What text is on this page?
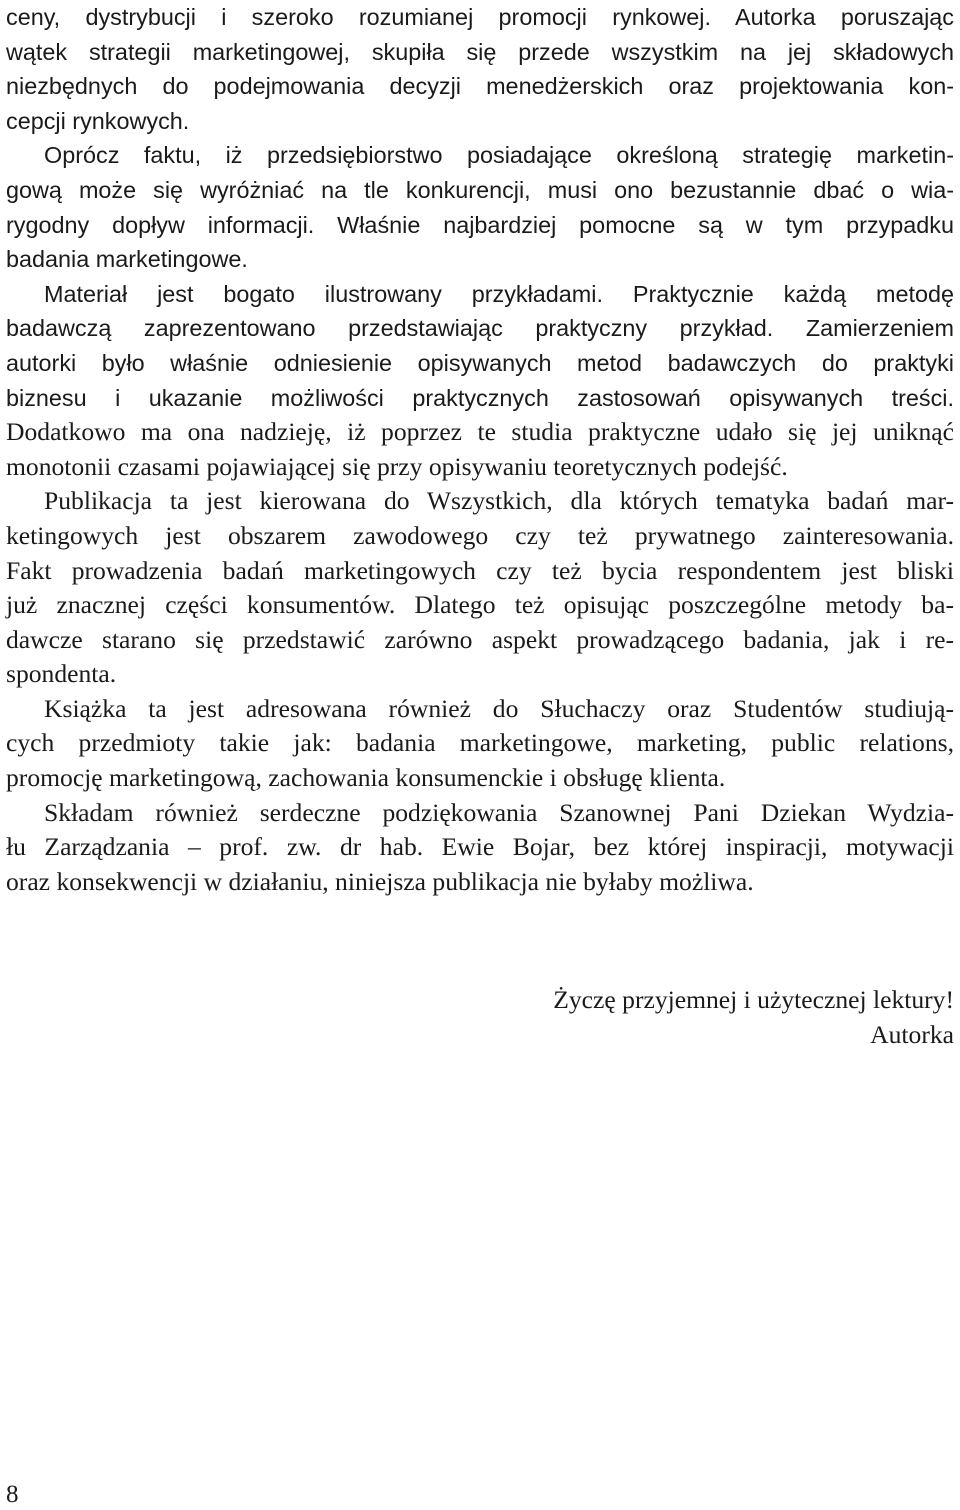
ceny, dystrybucji i szeroko rozumianej promocji rynkowej. Autorka poruszając
wątek strategii marketingowej, skupiła się przede wszystkim na jej składowych
niezbędnych do podejmowania decyzji menedżerskich oraz projektowania kon-
cepcji rynkowych.
Oprócz faktu, iż przedsiębiorstwo posiadające określoną strategię marketin-
gową może się wyróżniać na tle konkurencji, musi ono bezustannie dbać o wia-
rygodny dopływ informacji. Właśnie najbardziej pomocne są w tym przypadku
badania marketingowe.
Materiał jest bogato ilustrowany przykładami. Praktycznie każdą metodę
badawczą zaprezentowano przedstawiając praktyczny przykład. Zamierzeniem
autorki było właśnie odniesienie opisywanych metod badawczych do praktyki
biznesu i ukazanie możliwości praktycznych zastosowań opisywanych treści.
Dodatkowo ma ona nadzieję, iż poprzez te studia praktyczne udało się jej uniknąć
monotonii czasami pojawiającej się przy opisywaniu teoretycznych podejść.
Publikacja ta jest kierowana do Wszystkich, dla których tematyka badań mar-
ketingowych jest obszarem zawodowego czy też prywatnego zainteresowania.
Fakt prowadzenia badań marketingowych czy też bycia respondentem jest bliski
już znacznej części konsumentów. Dlatego też opisując poszczególne metody ba-
dawcze starano się przedstawić zarówno aspekt prowadzącego badania, jak i re-
spondenta.
Książka ta jest adresowana również do Słuchaczy oraz Studentów studiują-
cych przedmioty takie jak: badania marketingowe, marketing, public relations,
promocję marketingową, zachowania konsumenckie i obsługę klienta.
Składam również serdeczne podziękowania Szanownej Pani Dziekan Wydzia-
łu Zarządzania – prof. zw. dr hab. Ewie Bojar, bez której inspiracji, motywacji
oraz konsekwencji w działaniu, niniejsza publikacja nie byłaby możliwa.
Życzę przyjemnej i użytecznej lektury!
Autorka
8
